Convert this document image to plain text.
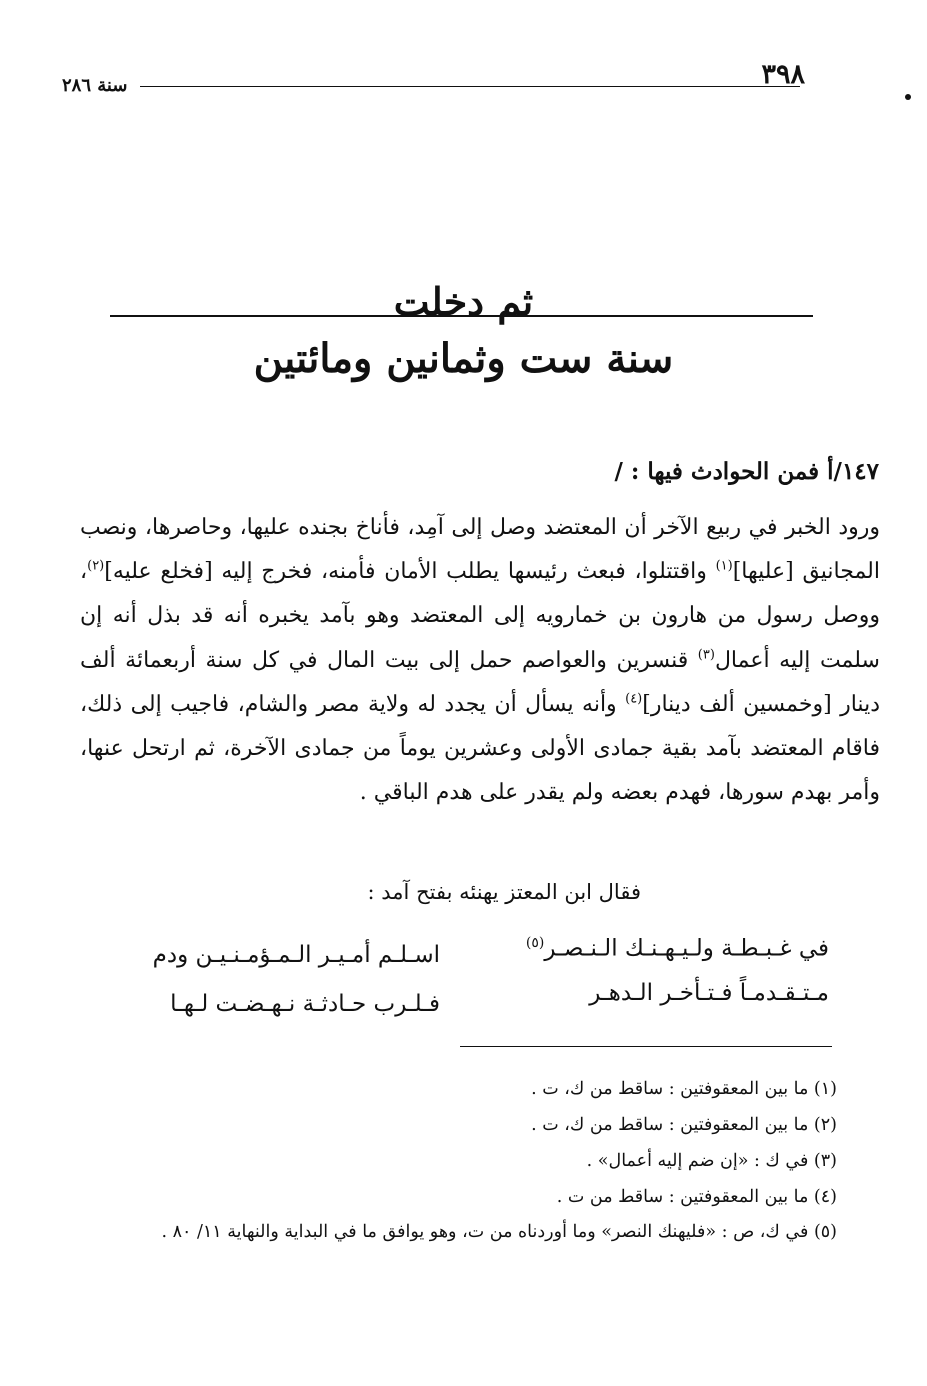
٣٩٨
سنة ٢٨٦
ثم دخلت
سنة ست وثمانين ومائتين
١٤٧/أ فمن الحوادث فيها : /
ورود الخبر في ربيع الآخر أن المعتضد وصل إلى آمِد، فأناخ بجنده عليها، وحاصرها، ونصب المجانيق [عليها]$^{(١)}$ واقتتلوا، فبعث رئيسها يطلب الأمان فأمنه، فخرج إليه [فخلع عليه]$^{(٢)}$، ووصل رسول من هارون بن خمارويه إلى المعتضد وهو بآمد يخبره أنه قد بذل أنه إن سلمت إليه أعمال$^{(٣)}$ قنسرين والعواصم حمل إلى بيت المال في كل سنة أربعمائة ألف دينار [وخمسين ألف دينار]$^{(٤)}$ وأنه يسأل أن يجدد له ولاية مصر والشام، فاجيب إلى ذلك، فاقام المعتضد بآمد بقية جمادى الأولى وعشرين يوماً من جمادى الآخرة، ثم ارتحل عنها، وأمر بهدم سورها، فهدم بعضه ولم يقدر على هدم الباقي .
فقال ابن المعتز يهنئه بفتح آمد :
اسـلـم أمـيـر الـمـؤمـنـيـن ودم	في غـبـطـة ولـيـهـنـك الـنـصـر$^{(٥)}$
فـلـرب حـادثـة نـهـضـت لـهـا	مـتـقـدمـاً فـتـأخـر الـدهـر
(١) ما بين المعقوفتين : ساقط من ك، ت .
(٢) ما بين المعقوفتين : ساقط من ك، ت .
(٣) في ك : «إن ضم إليه أعمال» .
(٤) ما بين المعقوفتين : ساقط من ت .
(٥) في ك، ص : «فليهنك النصر» وما أوردناه من ت، وهو يوافق ما في البداية والنهاية ١١/ ٨٠ .
